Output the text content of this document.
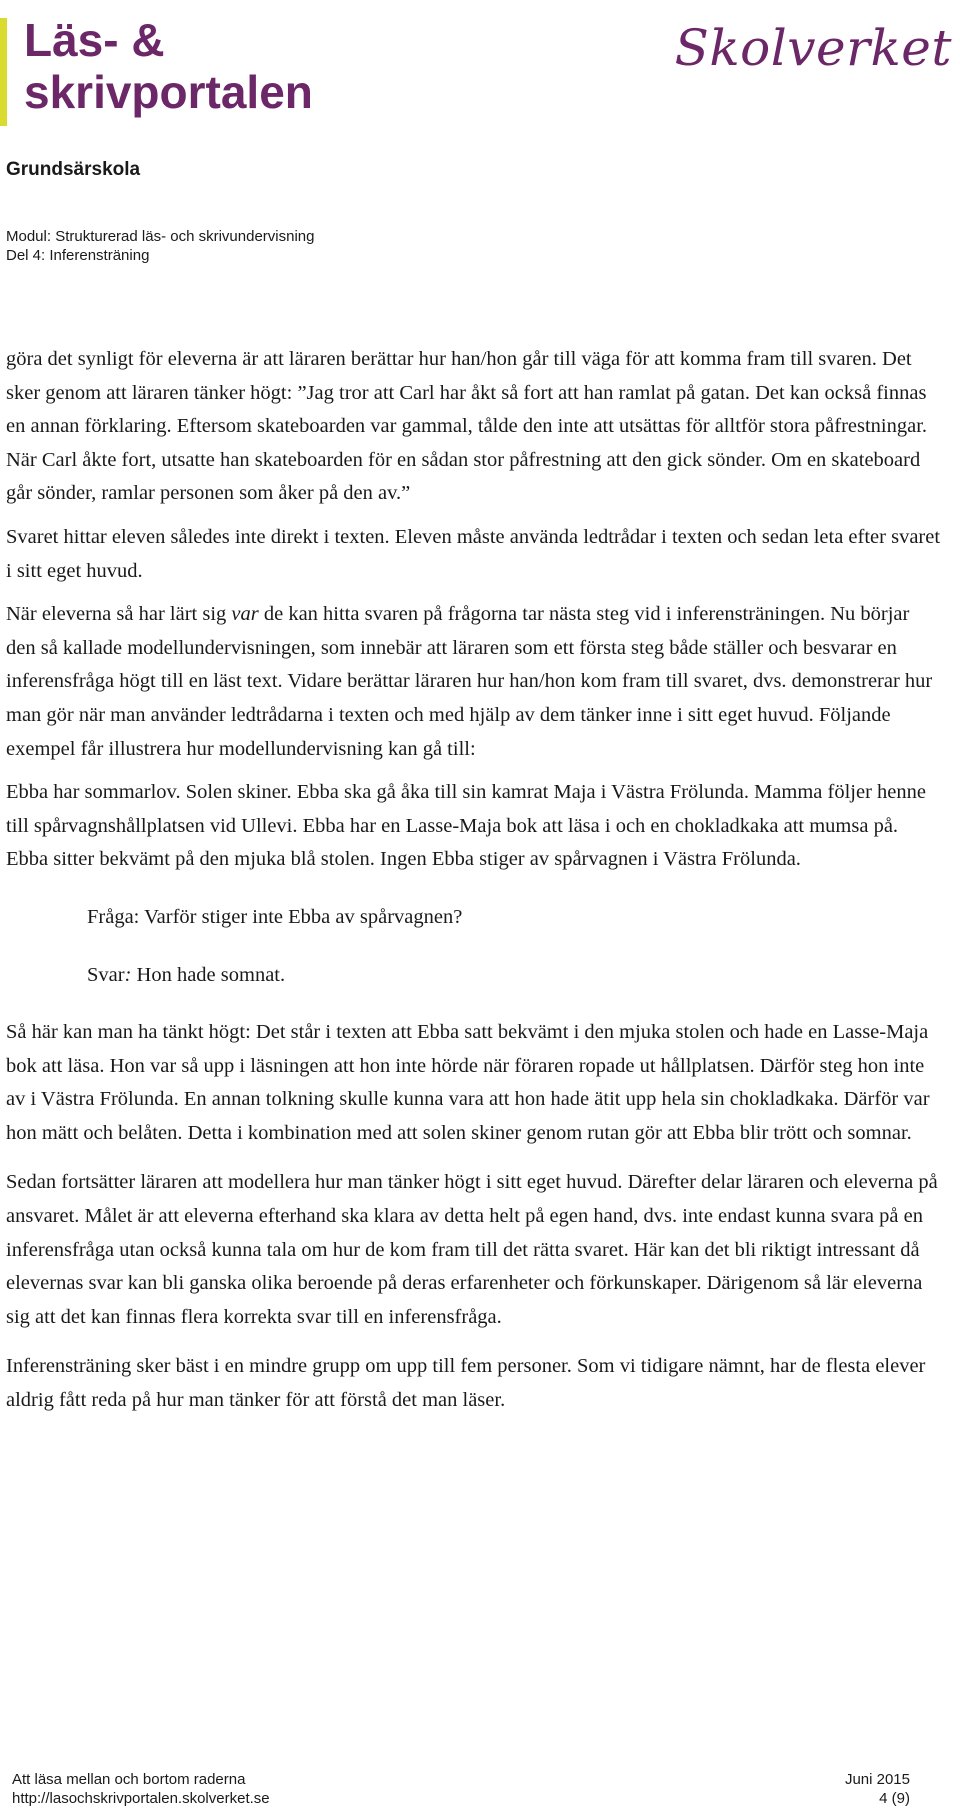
Läs- &
skrivportalen
Skolverket
Grundsärskola
Modul: Strukturerad läs- och skrivundervisning
Del 4: Inferensträning

göra det synligt för eleverna är att läraren berättar hur han/hon går till väga för att komma fram till svaren. Det sker genom att läraren tänker högt: ”Jag tror att Carl har åkt så fort att han ramlat på gatan. Det kan också finnas en annan förklaring. Eftersom skateboarden var gammal, tålde den inte att utsättas för alltför stora påfrestningar. När Carl åkte fort, utsatte han skateboarden för en sådan stor påfrestning att den gick sönder. Om en skateboard går sönder, ramlar personen som åker på den av.”

Svaret hittar eleven således inte direkt i texten. Eleven måste använda ledtrådar i texten och sedan leta efter svaret i sitt eget huvud.

När eleverna så har lärt sig var de kan hitta svaren på frågorna tar nästa steg vid i inferensträningen. Nu börjar den så kallade modellundervisningen, som innebär att läraren som ett första steg både ställer och besvarar en inferensfråga högt till en läst text. Vidare berättar läraren hur han/hon kom fram till svaret, dvs. demonstrerar hur man gör när man använder ledtrådarna i texten och med hjälp av dem tänker inne i sitt eget huvud. Följande exempel får illustrera hur modellundervisning kan gå till:

Ebba har sommarlov. Solen skiner. Ebba ska gå åka till sin kamrat Maja i Västra Frölunda. Mamma följer henne till spårvagnshållplatsen vid Ullevi. Ebba har en Lasse-Maja bok att läsa i och en chokladkaka att mumsa på. Ebba sitter bekvämt på den mjuka blå stolen. Ingen Ebba stiger av spårvagnen i Västra Frölunda.

Fråga: Varför stiger inte Ebba av spårvagnen?

Svar: Hon hade somnat.

Så här kan man ha tänkt högt: Det står i texten att Ebba satt bekvämt i den mjuka stolen och hade en Lasse-Maja bok att läsa. Hon var så upp i läsningen att hon inte hörde när föraren ropade ut hållplatsen. Därför steg hon inte av i Västra Frölunda. En annan tolkning skulle kunna vara att hon hade ätit upp hela sin chokladkaka. Därför var hon mätt och belåten. Detta i kombination med att solen skiner genom rutan gör att Ebba blir trött och somnar.

Sedan fortsätter läraren att modellera hur man tänker högt i sitt eget huvud. Därefter delar läraren och eleverna på ansvaret. Målet är att eleverna efterhand ska klara av detta helt på egen hand, dvs. inte endast kunna svara på en inferensfråga utan också kunna tala om hur de kom fram till det rätta svaret. Här kan det bli riktigt intressant då elevernas svar kan bli ganska olika beroende på deras erfarenheter och förkunskaper. Därigenom så lär eleverna sig att det kan finnas flera korrekta svar till en inferensfråga.

Inferensträning sker bäst i en mindre grupp om upp till fem personer. Som vi tidigare nämnt, har de flesta elever aldrig fått reda på hur man tänker för att förstå det man läser.

Att läsa mellan och bortom raderna	Juni 2015
http://lasochskrivportalen.skolverket.se	4 (9)
